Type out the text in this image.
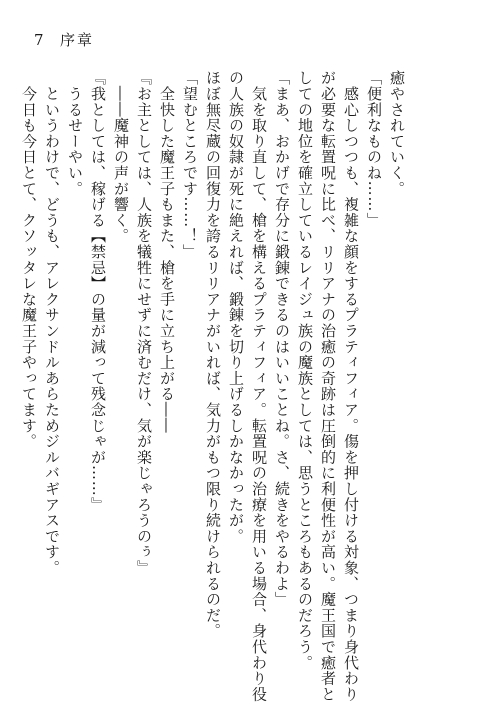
7 序章
癒やされていく。
「便利なものね……」
　感心しつつも、複雑な顔をするプラティフィア。傷を押し付ける対象、つまり身代わり
が必要な転置呪に比べ、リリアナの治癒の奇跡は圧倒的に利便性が高い。魔王国で癒者と
しての地位を確立しているレイジュ族の魔族としては、思うところもあるのだろう。
「まあ、おかげで存分に鍛錬できるのはいいことね。さ、続きをやるわよ」
　気を取り直して、槍を構えるプラティフィア。転置呪の治療を用いる場合、身代わり役
の人族の奴隷が死に絶えれば、鍛錬を切り上げるしかなかったが。
ほぼ無尽蔵の回復力を誇るリリアナがいれば、気力がもつ限り続けられるのだ。
「望むところです……！」
　全快した魔王子もまた、槍を手に立ち上がる――
『お主としては、人族を犠牲にせずに済むだけ、気が楽じゃろうのぅ』
　――魔神の声が響く。
『我としては、稼げる【禁忌】の量が減って残念じゃが……』
　うるせーやい。
　というわけで、どうも、アレクサンドルあらためジルバギアスです。
　今日も今日とて、クソッタレな魔王子やってます。
